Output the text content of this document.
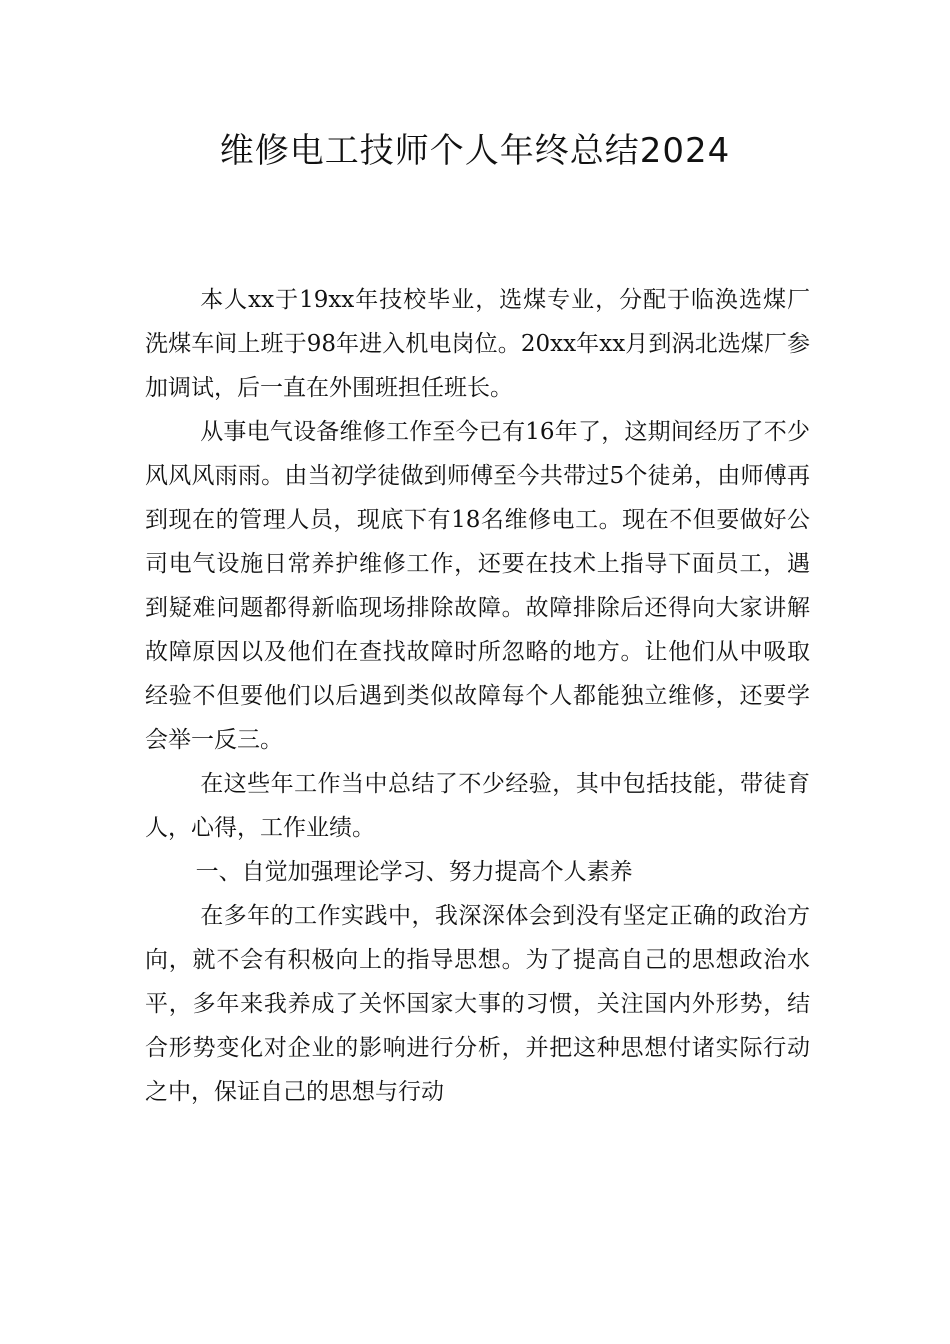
维修电工技师个人年终总结2024

本人xx于19xx年技校毕业，选煤专业，分配于临涣选煤厂洗煤车间上班于98年进入机电岗位。20xx年xx月到涡北选煤厂参加调试，后一直在外围班担任班长。

从事电气设备维修工作至今已有16年了，这期间经历了不少风风风雨雨。由当初学徒做到师傅至今共带过5个徒弟，由师傅再到现在的管理人员，现底下有18名维修电工。现在不但要做好公司电气设施日常养护维修工作，还要在技术上指导下面员工，遇到疑难问题都得新临现场排除故障。故障排除后还得向大家讲解故障原因以及他们在查找故障时所忽略的地方。让他们从中吸取经验不但要他们以后遇到类似故障每个人都能独立维修，还要学会举一反三。

在这些年工作当中总结了不少经验，其中包括技能，带徒育人，心得，工作业绩。

一、自觉加强理论学习、努力提高个人素养

在多年的工作实践中，我深深体会到没有坚定正确的政治方向，就不会有积极向上的指导思想。为了提高自己的思想政治水平，多年来我养成了关怀国家大事的习惯，关注国内外形势，结合形势变化对企业的影响进行分析，并把这种思想付诸实际行动之中，保证自己的思想与行动
